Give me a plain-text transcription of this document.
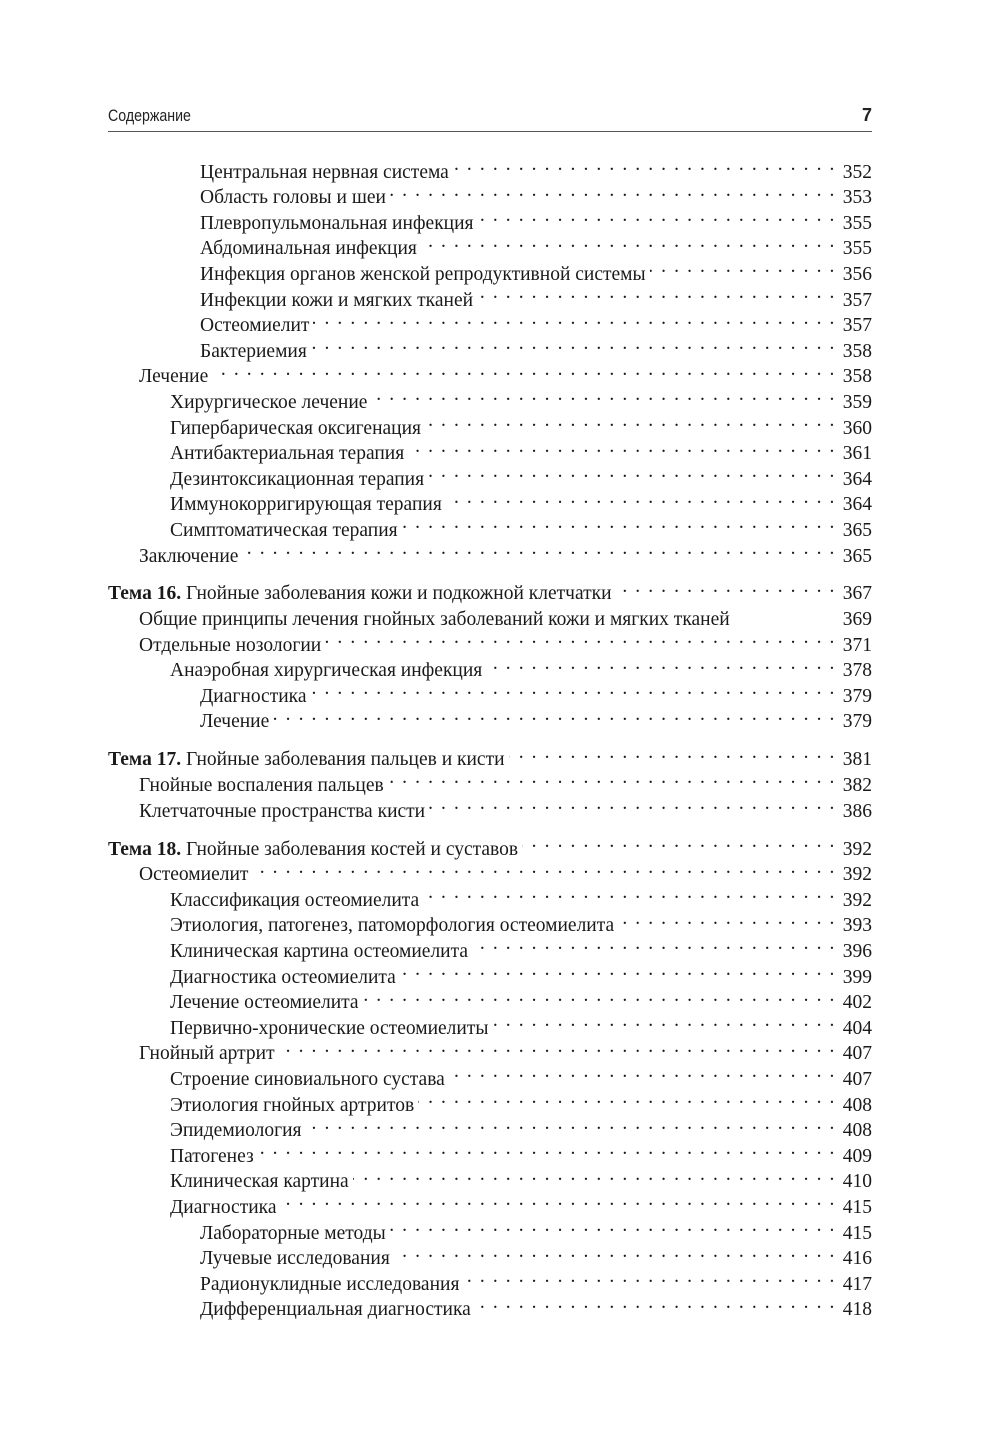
Содержание	7
Центральная нервная система . . .	352
Область головы и шеи . . .	353
Плевропульмональная инфекция . . .	355
Абдоминальная инфекция . . .	355
Инфекция органов женской репродуктивной системы . . .	356
Инфекции кожи и мягких тканей . . .	357
Остеомиелит . . .	357
Бактериемия . . .	358
Лечение . . .	358
Хирургическое лечение . . .	359
Гипербарическая оксигенация . . .	360
Антибактериальная терапия . . .	361
Дезинтоксикационная терапия . . .	364
Иммунокорригирующая терапия . . .	364
Симптоматическая терапия . . .	365
Заключение . . .	365
Тема 16. Гнойные заболевания кожи и подкожной клетчатки . . .	367
Общие принципы лечения гнойных заболеваний кожи и мягких тканей	369
Отдельные нозологии . . .	371
Анаэробная хирургическая инфекция . . .	378
Диагностика . . .	379
Лечение . . .	379
Тема 17. Гнойные заболевания пальцев и кисти . . .	381
Гнойные воспаления пальцев . . .	382
Клетчаточные пространства кисти . . .	386
Тема 18. Гнойные заболевания костей и суставов . . .	392
Остеомиелит . . .	392
Классификация остеомиелита . . .	392
Этиология, патогенез, патоморфология остеомиелита . . .	393
Клиническая картина остеомиелита . . .	396
Диагностика остеомиелита . . .	399
Лечение остеомиелита . . .	402
Первично-хронические остеомиелиты . . .	404
Гнойный артрит . . .	407
Строение синовиального сустава . . .	407
Этиология гнойных артритов . . .	408
Эпидемиология . . .	408
Патогенез . . .	409
Клиническая картина . . .	410
Диагностика . . .	415
Лабораторные методы . . .	415
Лучевые исследования . . .	416
Радионуклидные исследования . . .	417
Дифференциальная диагностика . . .	418
